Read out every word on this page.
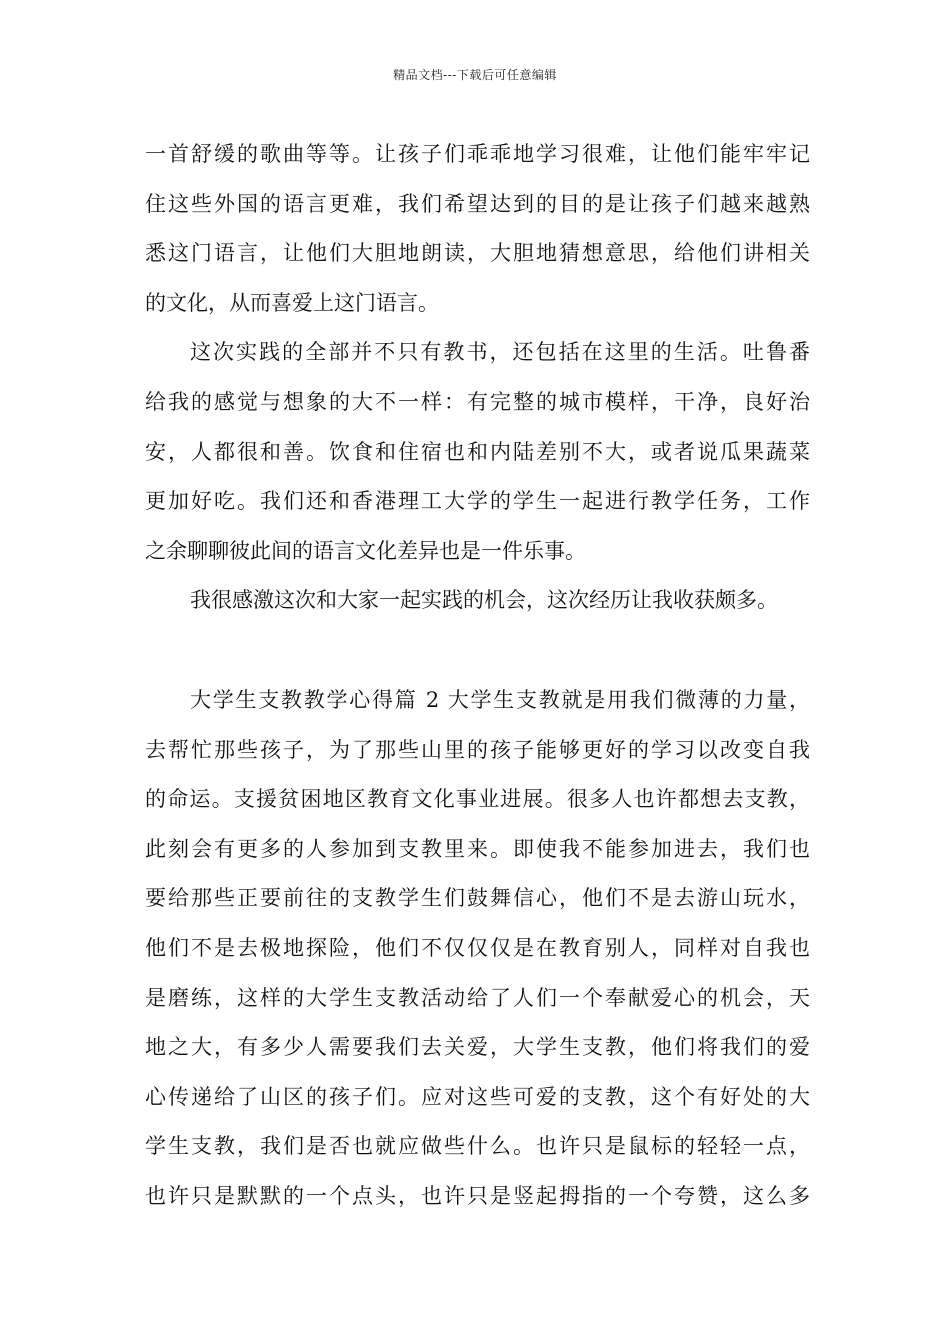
精品文档---下载后可任意编辑
一首舒缓的歌曲等等。让孩子们乖乖地学习很难，让他们能牢牢记
住这些外国的语言更难，我们希望达到的目的是让孩子们越来越熟
悉这门语言，让他们大胆地朗读，大胆地猜想意思，给他们讲相关
的文化，从而喜爱上这门语言。
这次实践的全部并不只有教书，还包括在这里的生活。吐鲁番
给我的感觉与想象的大不一样：有完整的城市模样，干净，良好治
安，人都很和善。饮食和住宿也和内陆差别不大，或者说瓜果蔬菜
更加好吃。我们还和香港理工大学的学生一起进行教学任务，工作
之余聊聊彼此间的语言文化差异也是一件乐事。
我很感激这次和大家一起实践的机会，这次经历让我收获颇多。
大学生支教教学心得篇 2 大学生支教就是用我们微薄的力量，
去帮忙那些孩子，为了那些山里的孩子能够更好的学习以改变自我
的命运。支援贫困地区教育文化事业进展。很多人也许都想去支教，
此刻会有更多的人参加到支教里来。即使我不能参加进去，我们也
要给那些正要前往的支教学生们鼓舞信心，他们不是去游山玩水，
他们不是去极地探险，他们不仅仅仅是在教育别人，同样对自我也
是磨练，这样的大学生支教活动给了人们一个奉献爱心的机会，天
地之大，有多少人需要我们去关爱，大学生支教，他们将我们的爱
心传递给了山区的孩子们。应对这些可爱的支教，这个有好处的大
学生支教，我们是否也就应做些什么。也许只是鼠标的轻轻一点，
也许只是默默的一个点头，也许只是竖起拇指的一个夸赞，这么多
